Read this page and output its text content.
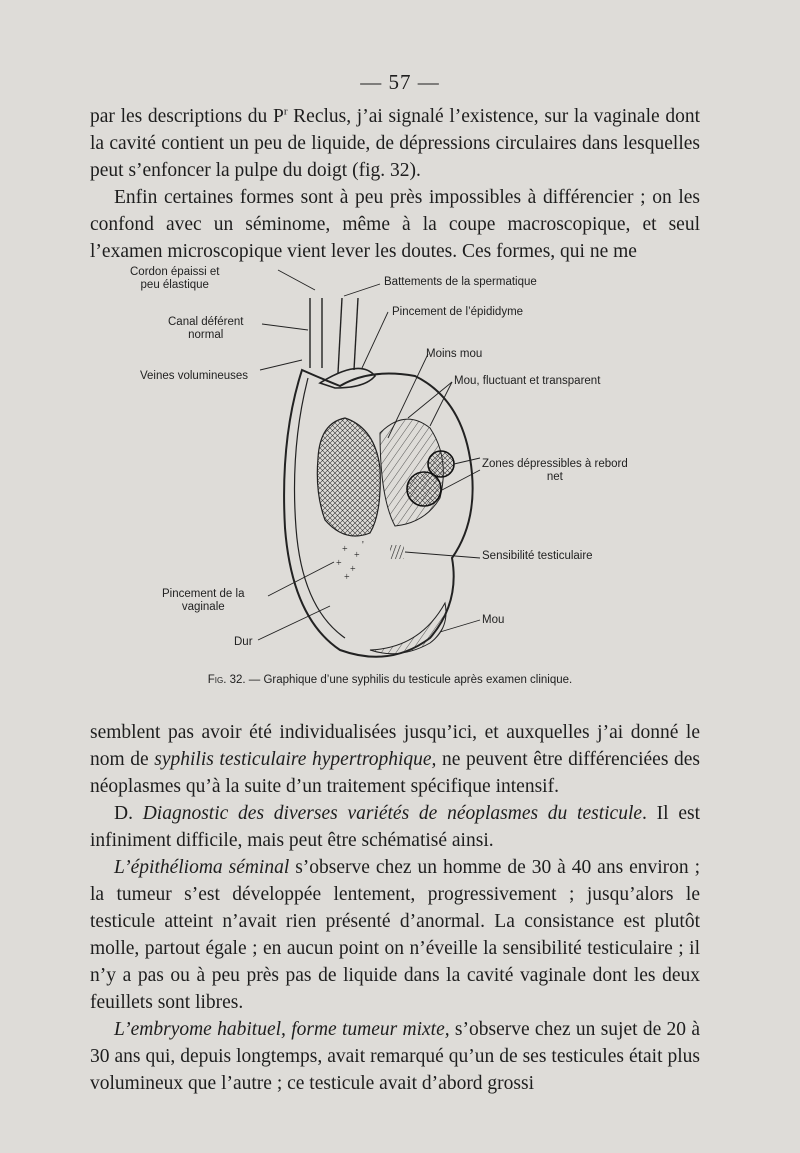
— 57 —

par les descriptions du $P^r$ Reclus, j’ai signalé l’existence, sur la vaginale dont la cavité contient un peu de liquide, de dépressions circulaires dans lesquelles peut s’enfoncer la pulpe du doigt (fig. 32).

Enfin certaines formes sont à peu près impossibles à différencier ; on les confond avec un séminome, même à la coupe macroscopique, et seul l’examen microscopique vient lever les doutes. Ces formes, qui ne me

+
+
+
+
'
+
Cordon épaissi et
peu élastique	Battements de la spermatique
Pincement de l’épididyme
Canal déférent
normal
Moins mou
Veines volumineuses	Mou, fluctuant et transparent
Zones dépressibles à rebord
net
Sensibilité testiculaire
Pincement de la
vaginale
Mou
Dur
Fig. 32. — Graphique d’une syphilis du testicule après examen clinique.

semblent pas avoir été individualisées jusqu’ici, et auxquelles j’ai donné le nom de syphilis testiculaire hypertrophique, ne peuvent être différenciées des néoplasmes qu’à la suite d’un traitement spécifique intensif.

D. Diagnostic des diverses variétés de néoplasmes du testicule. Il est infiniment difficile, mais peut être schématisé ainsi.

L’épithélioma séminal s’observe chez un homme de 30 à 40 ans environ ; la tumeur s’est développée lentement, progressivement ; jusqu’alors le testicule atteint n’avait rien présenté d’anormal. La consistance est plutôt molle, partout égale ; en aucun point on n’éveille la sensibilité testiculaire ; il n’y a pas ou à peu près pas de liquide dans la cavité vaginale dont les deux feuillets sont libres.

L’embryome habituel, forme tumeur mixte, s’observe chez un sujet de 20 à 30 ans qui, depuis longtemps, avait remarqué qu’un de ses testicules était plus volumineux que l’autre ; ce testicule avait d’abord grossi
